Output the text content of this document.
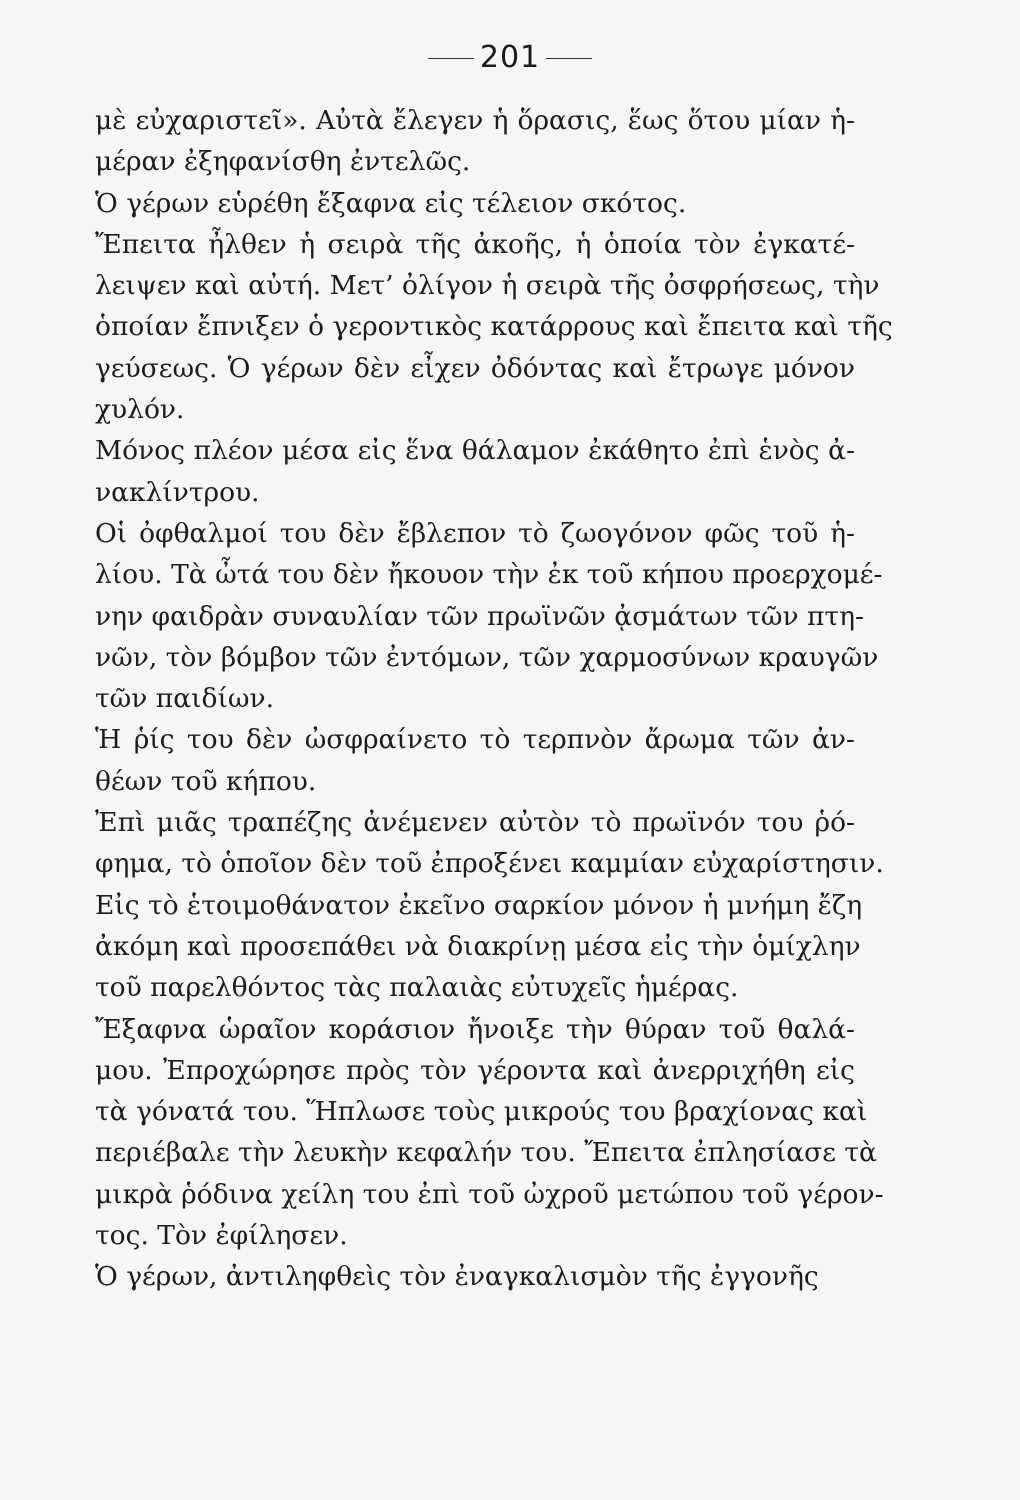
201
μὲ εὐχαριστεῖ». Αὐτὰ ἔλεγεν ἡ ὅρασις, ἕως ὅτου μίαν ἡ-
μέραν ἐξηφανίσθη ἐντελῶς.
Ὁ γέρων εὑρέθη ἔξαφνα εἰς τέλειον σκότος.
Ἔπειτα ἦλθεν ἡ σειρὰ τῆς ἀκοῆς, ἡ ὁποία τὸν ἐγκατέ-
λειψεν καὶ αὐτή. Μετ’ ὀλίγον ἡ σειρὰ τῆς ὀσφρήσεως, τὴν
ὁποίαν ἔπνιξεν ὁ γεροντικὸς κατάρρους καὶ ἔπειτα καὶ τῆς
γεύσεως. Ὁ γέρων δὲν εἶχεν ὀδόντας καὶ ἔτρωγε μόνον
χυλόν.
Μόνος πλέον μέσα εἰς ἕνα θάλαμον ἐκάθητο ἐπὶ ἑνὸς ἀ-
νακλίντρου.
Οἱ ὀφθαλμοί του δὲν ἔβλεπον τὸ ζωογόνον φῶς τοῦ ἡ-
λίου. Τὰ ὦτά του δὲν ἤκουον τὴν ἐκ τοῦ κήπου προερχομέ-
νην φαιδρὰν συναυλίαν τῶν πρωϊνῶν ᾀσμάτων τῶν πτη-
νῶν, τὸν βόμβον τῶν ἐντόμων, τῶν χαρμοσύνων κραυγῶν
τῶν παιδίων.
Ἡ ῥίς του δὲν ὠσφραίνετο τὸ τερπνὸν ἄρωμα τῶν ἀν-
θέων τοῦ κήπου.
Ἐπὶ μιᾶς τραπέζης ἀνέμενεν αὐτὸν τὸ πρωϊνόν του ῥό-
φημα, τὸ ὁποῖον δὲν τοῦ ἐπροξένει καμμίαν εὐχαρίστησιν.
Εἰς τὸ ἑτοιμοθάνατον ἐκεῖνο σαρκίον μόνον ἡ μνήμη ἔζη
ἀκόμη καὶ προσεπάθει νὰ διακρίνῃ μέσα εἰς τὴν ὁμίχλην
τοῦ παρελθόντος τὰς παλαιὰς εὐτυχεῖς ἡμέρας.
Ἔξαφνα ὡραῖον κοράσιον ἤνοιξε τὴν θύραν τοῦ θαλά-
μου. Ἐπροχώρησε πρὸς τὸν γέροντα καὶ ἀνερριχήθη εἰς
τὰ γόνατά του. Ἥπλωσε τοὺς μικρούς του βραχίονας καὶ
περιέβαλε τὴν λευκὴν κεφαλήν του. Ἔπειτα ἐπλησίασε τὰ
μικρὰ ῥόδινα χείλη του ἐπὶ τοῦ ὠχροῦ μετώπου τοῦ γέρον-
τος. Τὸν ἐφίλησεν.
Ὁ γέρων, ἀντιληφθεὶς τὸν ἐναγκαλισμὸν τῆς ἐγγονῆς
